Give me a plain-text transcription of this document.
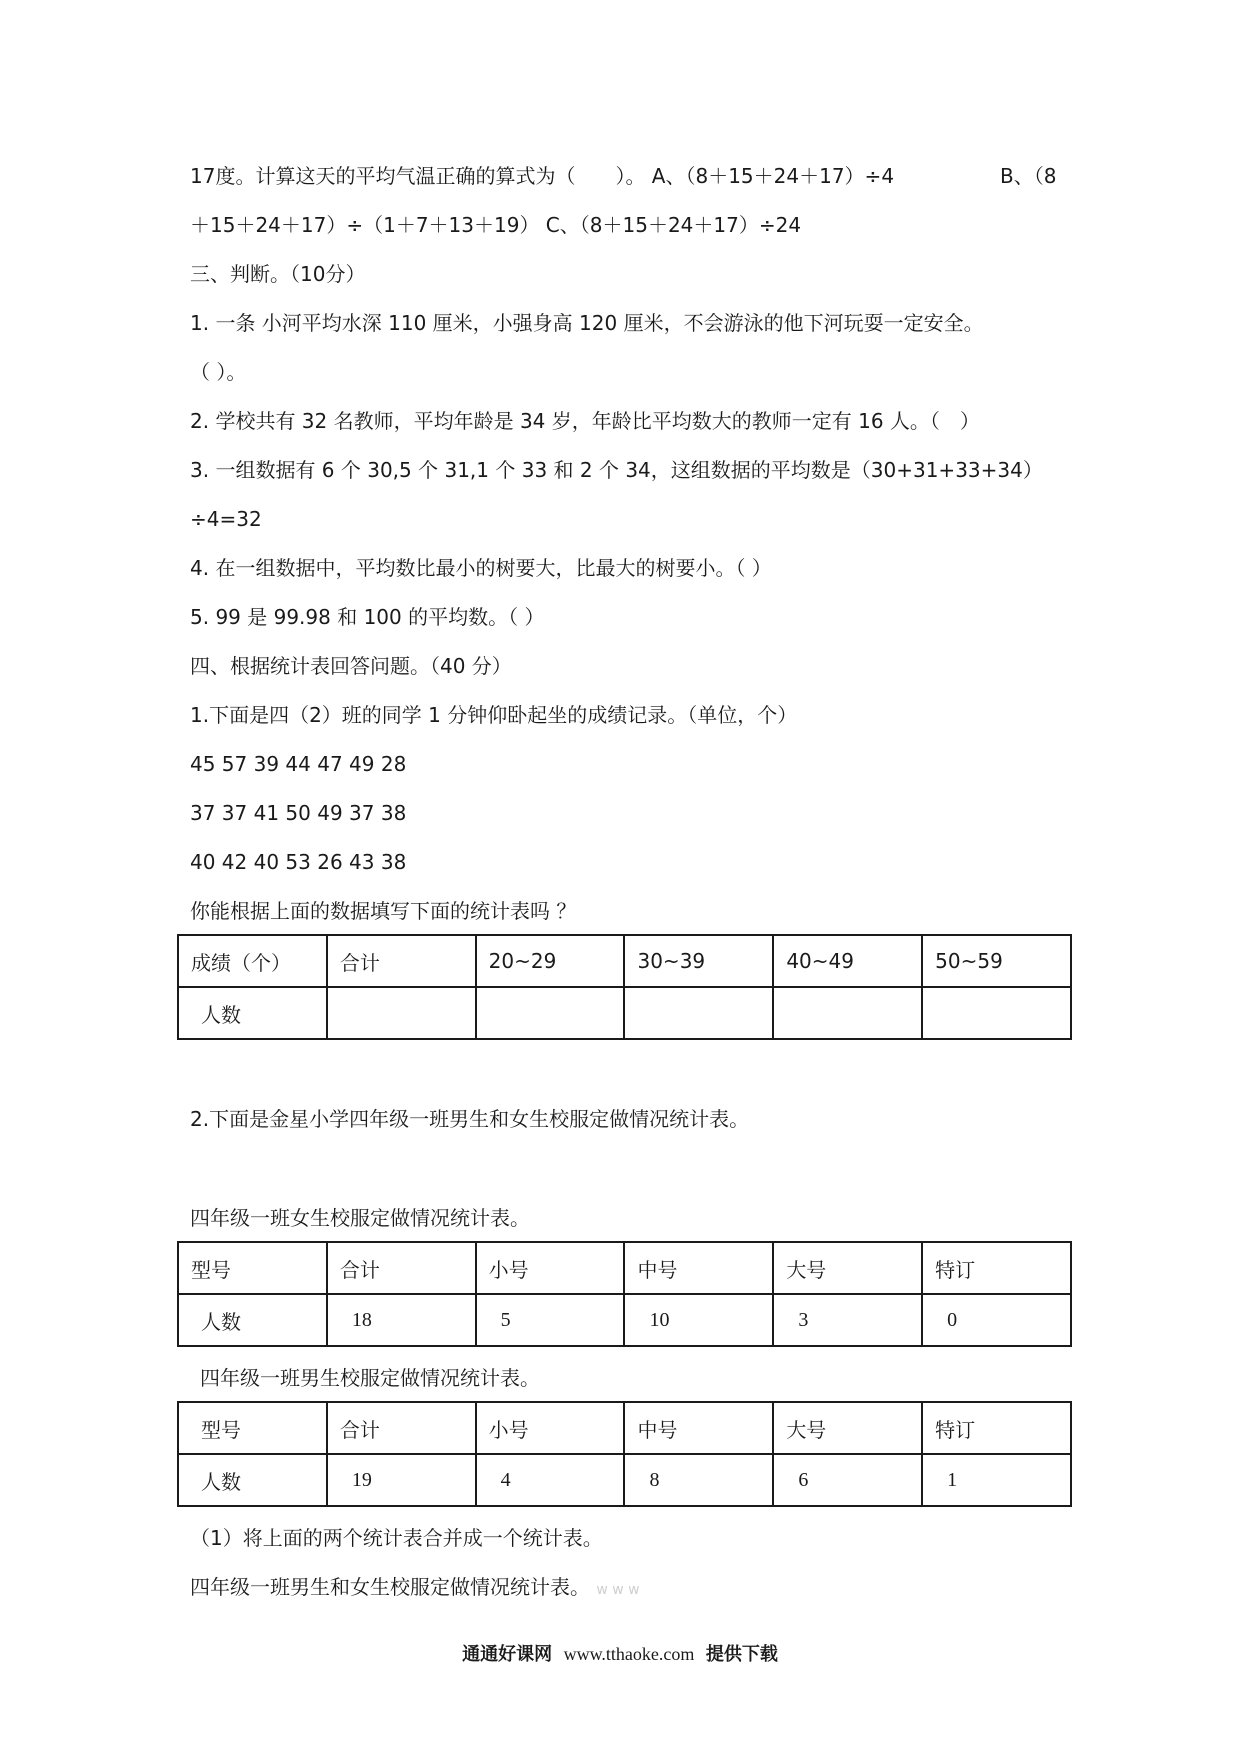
17度。计算这天的平均气温正确的算式为（　　）。 A、（8＋15＋24＋17）÷4	B、（8
＋15＋24＋17）÷（1＋7＋13＋19） C、（8＋15＋24＋17）÷24
三、判断。（10分）
1. 一条 小河平均水深 110 厘米，小强身高 120 厘米，不会游泳的他下河玩耍一定安全。
（ ）。
2. 学校共有 32 名教师，平均年龄是 34 岁，年龄比平均数大的教师一定有 16 人。（　）
3. 一组数据有 6 个 30,5 个 31,1 个 33 和 2 个 34，这组数据的平均数是（30+31+33+34）
÷4=32
4. 在一组数据中，平均数比最小的树要大，比最大的树要小。（ ）
5. 99 是 99.98 和 100 的平均数。（ ）
四、根据统计表回答问题。（40 分）
1.下面是四（2）班的同学 1 分钟仰卧起坐的成绩记录。（单位，个）
45 57 39 44 47 49 28
37 37 41 50 49 37 38
40 42 40 53 26 43 38
你能根据上面的数据填写下面的统计表吗 ？
成绩（个）	合计	20~29	30~39	40~49	50~59
人数					
2.下面是金星小学四年级一班男生和女生校服定做情况统计表。
四年级一班女生校服定做情况统计表。
型号	合计	小号	中号	大号	特订
人数	18	5	10	3	0
四年级一班男生校服定做情况统计表。
型号	合计	小号	中号	大号	特订
人数	19	4	8	6	1
（1）将上面的两个统计表合并成一个统计表。
四年级一班男生和女生校服定做情况统计表。 w w w
通通好课网 www.tthaoke.com 提供下载
